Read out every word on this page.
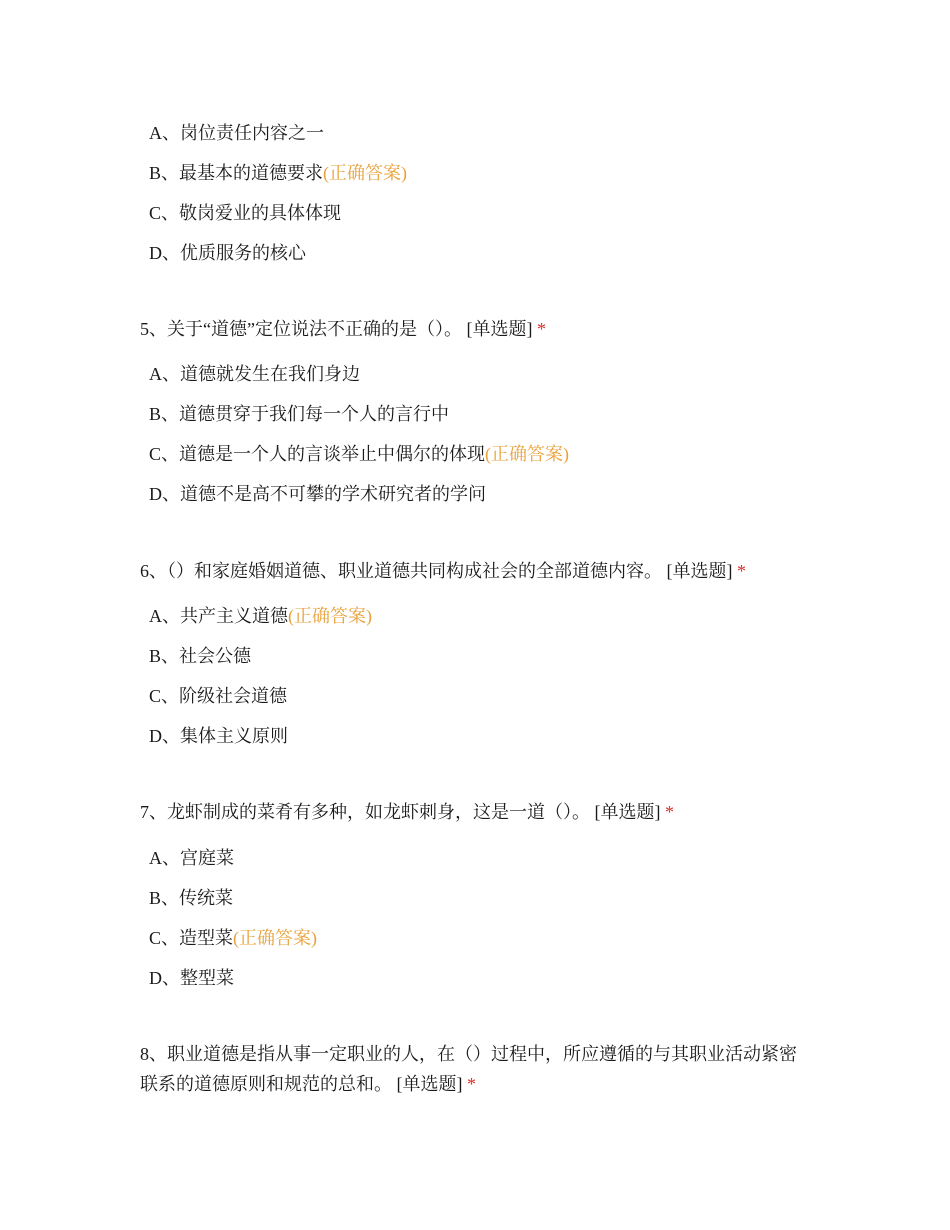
A、岗位责任内容之一
B、最基本的道德要求(正确答案)
C、敬岗爱业的具体体现
D、优质服务的核心
5、关于“道德”定位说法不正确的是（）。 [单选题] *
A、道德就发生在我们身边
B、道德贯穿于我们每一个人的言行中
C、道德是一个人的言谈举止中偶尔的体现(正确答案)
D、道德不是高不可攀的学术研究者的学问
6、（）和家庭婚姻道德、职业道德共同构成社会的全部道德内容。 [单选题] *
A、共产主义道德(正确答案)
B、社会公德
C、阶级社会道德
D、集体主义原则
7、龙虾制成的菜肴有多种，如龙虾刺身，这是一道（）。 [单选题] *
A、宫庭菜
B、传统菜
C、造型菜(正确答案)
D、整型菜
8、职业道德是指从事一定职业的人，在（）过程中，所应遵循的与其职业活动紧密联系的道德原则和规范的总和。 [单选题] *
